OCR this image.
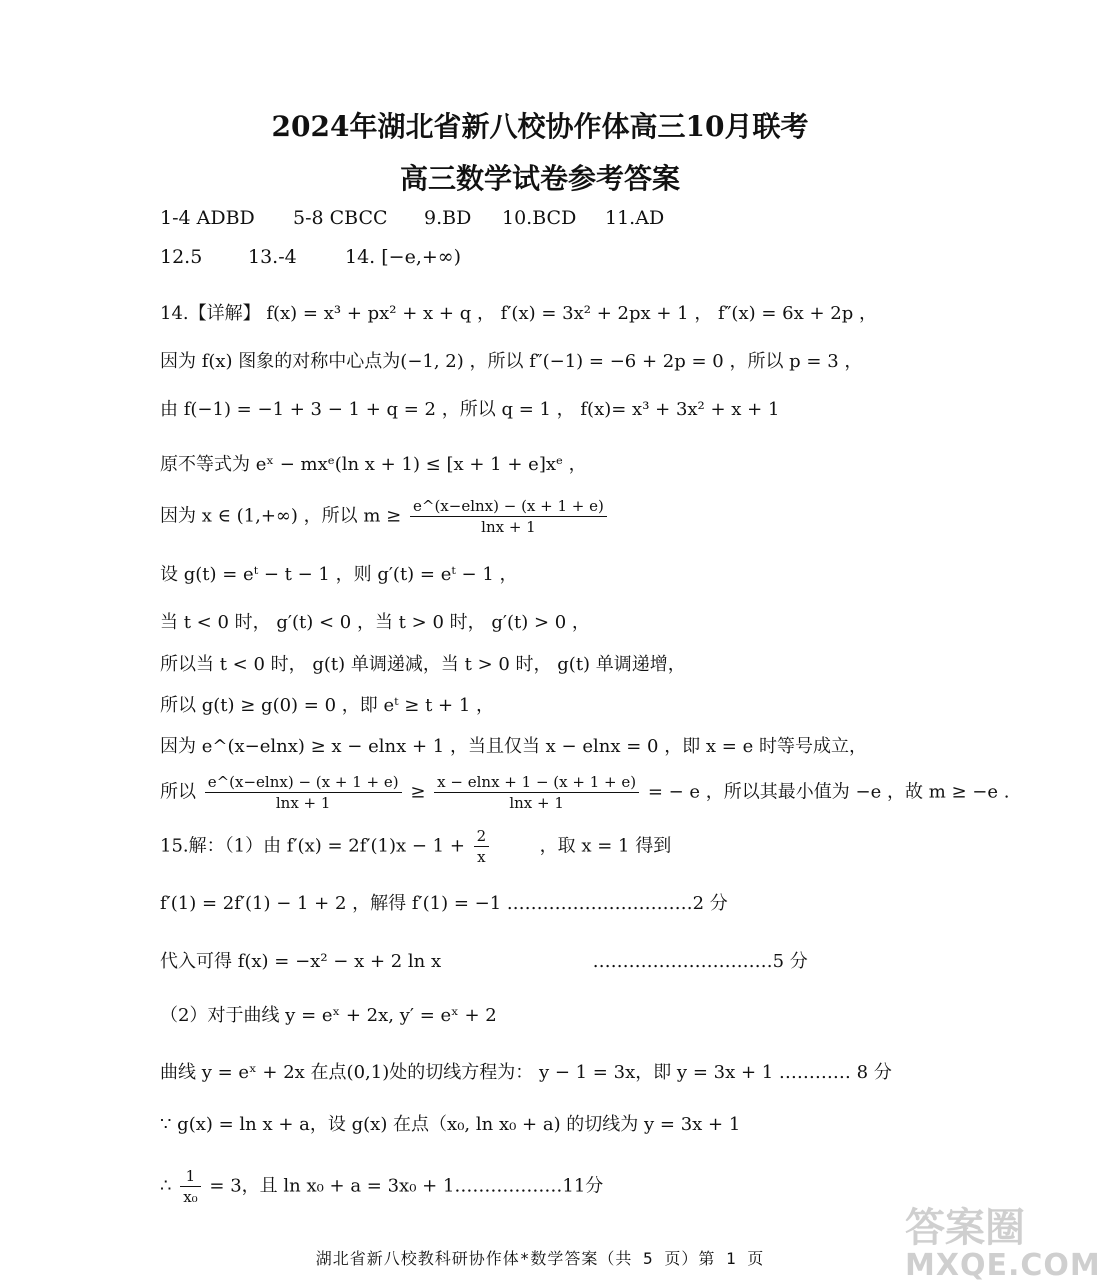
2024年湖北省新八校协作体高三10月联考
高三数学试卷参考答案
1-4 ADBD 5-8 CBCC 9.BD 10.BCD 11.AD
12.5 13.-4	14. [−e,+∞)
14.【详解】 f(x) = x³ + px² + x + q ， f′(x) = 3x² + 2px + 1 ， f″(x) = 6x + 2p ，
因为 f(x) 图象的对称中心点为(−1, 2) ，所以 f″(−1) = −6 + 2p = 0 ，所以 p = 3 ，
由 f(−1) = −1 + 3 − 1 + q = 2 ，所以 q = 1 ， f(x)= x³ + 3x² + x + 1
原不等式为 eˣ − mxᵉ(ln x + 1) ≤ [x + 1 + e]xᵉ ，
因为 x ∈ (1,+∞) ，所以 $m \ge \frac{e\^{}(x-elnx) - (x + 1 + e)}{\ln x + 1}$
设 g(t) = eᵗ − t − 1 ，则 g′(t) = eᵗ − 1 ，
当 t < 0 时， g′(t) < 0 ，当 t > 0 时， g′(t) > 0 ，
所以当 t < 0 时， g(t) 单调递减，当 t > 0 时， g(t) 单调递增，
所以 g(t) ≥ g(0) = 0 ，即 eᵗ ≥ t + 1 ，
因为 e^(x−elnx) ≥ x − elnx + 1 ，当且仅当 x − elnx = 0 ，即 x = e 时等号成立，
所以 $\frac{e\^{}(x-elnx) - (x + 1 + e)}{\ln x + 1} \ge \frac{x - elnx + 1 - (x + 1 + e)}{\ln x + 1}$ = − e ，所以其最小值为 −e ，故 m ≥ −e .
15.解：（1）由 $f'(x) = 2f'(1)x - 1 + \frac{2}{x}$	，取 x = 1 得到
f′(1) = 2f′(1) − 1 + 2 ，解得 f′(1) = −1 .…………………………2 分
代入可得 f(x) = −x² − x + 2 ln x	…………………………5 分
（2）对于曲线 y = eˣ + 2x, y′ = eˣ + 2
曲线 y = eˣ + 2x 在点(0,1)处的切线方程为： y − 1 = 3x，即 y = 3x + 1 ………… 8 分
∵ g(x) = ln x + a，设 g(x) 在点（x₀, ln x₀ + a) 的切线为 y = 3x + 1
∴ $\frac{1}{\text{x₀}} = 3$，且 ln x₀ + a = 3x₀ + 1………………11分
湖北省新八校教科研协作体*数学答案（共 5 页）第 1 页
答案圈
MXQE.COM
